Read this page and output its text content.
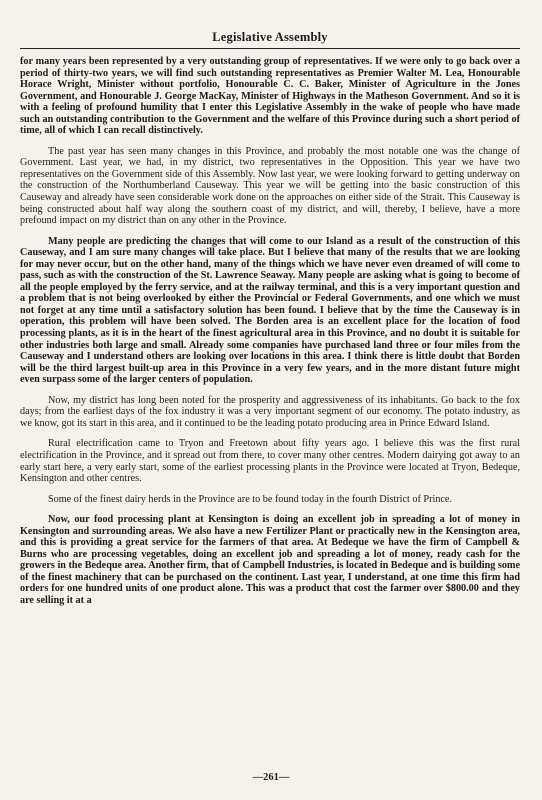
Legislative Assembly

for many years been represented by a very outstanding group of representatives. If we were only to go back over a period of thirty-two years, we will find such outstanding representatives as Premier Walter M. Lea, Honourable Horace Wright, Minister without portfolio, Honourable C. C. Baker, Minister of Agriculture in the Jones Government, and Honourable J. George MacKay, Minister of Highways in the Matheson Government. And so it is with a feeling of profound humility that I enter this Legislative Assembly in the wake of people who have made such an outstanding contribution to the Government and the welfare of this Province during such a short period of time, all of which I can recall distinctively.

The past year has seen many changes in this Province, and probably the most notable one was the change of Government. Last year, we had, in my district, two representatives in the Opposition. This year we have two representatives on the Government side of this Assembly. Now last year, we were looking forward to getting underway on the construction of the Northumberland Causeway. This year we will be getting into the basic construction of this Causeway and already have seen considerable work done on the approaches on either side of the Strait. This Causeway is being constructed about half way along the southern coast of my district, and will, thereby, I believe, have a more prefound impact on my district than on any other in the Province.

Many people are predicting the changes that will come to our Island as a result of the construction of this Causeway, and I am sure many changes will take place. But I believe that many of the results that we are looking for may never occur, but on the other hand, many of the things which we have never even dreamed of will come to pass, such as with the construction of the St. Lawrence Seaway. Many people are asking what is going to become of all the people employed by the ferry service, and at the railway terminal, and this is a very important question and a problem that is not being overlooked by either the Provincial or Federal Governments, and one which we must not forget at any time until a satisfactory solution has been found. I believe that by the time the Causeway is in operation, this problem will have been solved. The Borden area is an excellent place for the location of food processing plants, as it is in the heart of the finest agricultural area in this Province, and no doubt it is suitable for other industries both large and small. Already some companies have purchased land three or four miles from the Causeway and I understand others are looking over locations in this area. I think there is little doubt that Borden will be the third largest built-up area in this Province in a very few years, and in the more distant future might even surpass some of the larger centers of population.

Now, my district has long been noted for the prosperity and aggressiveness of its inhabitants. Go back to the fox days; from the earliest days of the fox industry it was a very important segment of our economy. The potato industry, as we know, got its start in this area, and it continued to be the leading potato producing area in Prince Edward Island.

Rural electrification came to Tryon and Freetown about fifty years ago. I believe this was the first rural electrification in the Province, and it spread out from there, to cover many other centres. Modern dairying got away to an early start here, a very early start, some of the earliest processing plants in the Province were located at Tryon, Bedeque, Kensington and other centres.

Some of the finest dairy herds in the Province are to be found today in the fourth District of Prince.

Now, our food processing plant at Kensington is doing an excellent job in spreading a lot of money in Kensington and surrounding areas. We also have a new Fertilizer Plant or practically new in the Kensington area, and this is providing a great service for the farmers of that area. At Bedeque we have the firm of Campbell & Burns who are processing vegetables, doing an excellent job and spreading a lot of money, ready cash for the growers in the Bedeque area. Another firm, that of Campbell Industries, is located in Bedeque and is building some of the finest machinery that can be purchased on the continent. Last year, I understand, at one time this firm had orders for one hundred units of one product alone. This was a product that cost the farmer over $800.00 and they are selling it at a

—261—
